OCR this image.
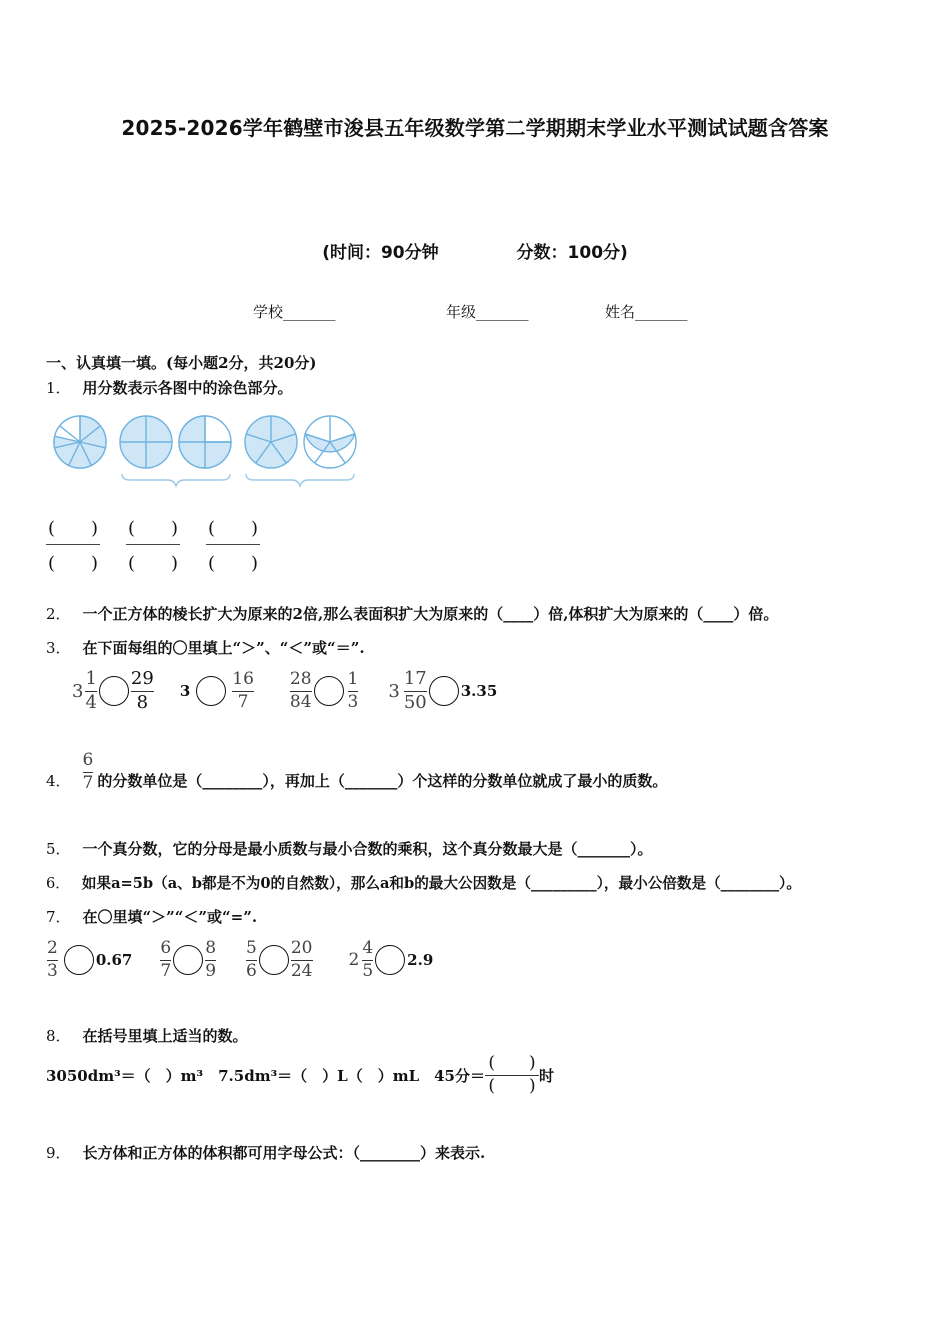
2025-2026学年鹤壁市浚县五年级数学第二学期期末学业水平测试试题含答案
(时间：90分钟	分数：100分)
学校_______	年级_______	姓名_______
一、认真填一填。(每小题2分，共20分)
1． 用分数表示各图中的涂色部分。
(　　)
(　　)
(　　)
(　　)
(　　)
(　　)
2． 一个正方体的棱长扩大为原来的2倍,那么表面积扩大为原来的（____）倍,体积扩大为原来的（____）倍。
3． 在下面每组的〇里填上“＞”、“＜”或“＝”.
$3 \frac{1}{4} \frac{29}{8} 3 \frac{16}{7} \frac{28}{84} \frac{1}{3} 3 \frac{17}{50} 3.35$
4． $\frac{6}{7}$ 的分数单位是（________），再加上（_______）个这样的分数单位就成了最小的质数。
5． 一个真分数，它的分母是最小质数与最小合数的乘积，这个真分数最大是（_______）。
6． 如果a=5b（a、b都是不为0的自然数），那么a和b的最大公因数是（_________），最小公倍数是（________）。
7． 在〇里填“＞”“＜”或“=”.
$\frac{2}{3}$	$0.67 \frac{6}{7} \frac{8}{9} \frac{5}{6} \frac{20}{24} 2 \frac{4}{5} 2.9$
8． 在括号里填上适当的数。
3050dm³＝（　）m³　7.5dm³＝（　）L（　）mL　45分＝ $\frac{( )}{( )}$ 时
9． 长方体和正方体的体积都可用字母公式：（________）来表示.
